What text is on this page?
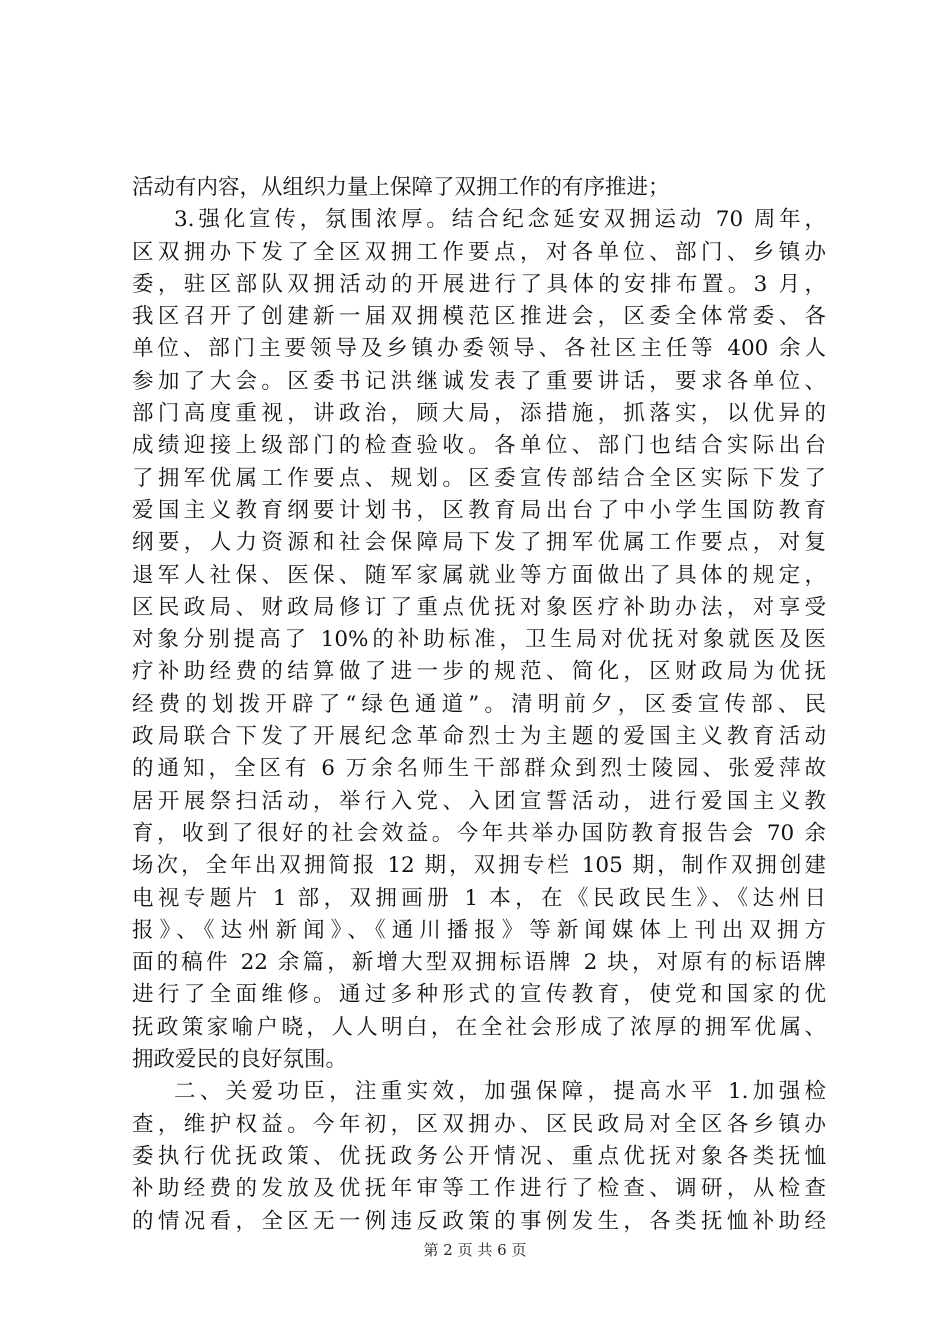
活动有内容，从组织力量上保障了双拥工作的有序推进；
3.强化宣传，氛围浓厚。结合纪念延安双拥运动 70 周年，
区双拥办下发了全区双拥工作要点，对各单位、部门、乡镇办
委，驻区部队双拥活动的开展进行了具体的安排布置。3 月，
我区召开了创建新一届双拥模范区推进会，区委全体常委、各
单位、部门主要领导及乡镇办委领导、各社区主任等 400 余人
参加了大会。区委书记洪继诚发表了重要讲话，要求各单位、
部门高度重视，讲政治，顾大局，添措施，抓落实，以优异的
成绩迎接上级部门的检查验收。各单位、部门也结合实际出台
了拥军优属工作要点、规划。区委宣传部结合全区实际下发了
爱国主义教育纲要计划书，区教育局出台了中小学生国防教育
纲要，人力资源和社会保障局下发了拥军优属工作要点，对复
退军人社保、医保、随军家属就业等方面做出了具体的规定，
区民政局、财政局修订了重点优抚对象医疗补助办法，对享受
对象分别提高了 10%的补助标准，卫生局对优抚对象就医及医
疗补助经费的结算做了进一步的规范、简化，区财政局为优抚
经费的划拨开辟了“绿色通道”。清明前夕，区委宣传部、民
政局联合下发了开展纪念革命烈士为主题的爱国主义教育活动
的通知，全区有 6 万余名师生干部群众到烈士陵园、张爱萍故
居开展祭扫活动，举行入党、入团宣誓活动，进行爱国主义教
育，收到了很好的社会效益。今年共举办国防教育报告会 70 余
场次，全年出双拥简报 12 期，双拥专栏 105 期，制作双拥创建
电视专题片 1 部，双拥画册 1 本，在《民政民生》、《达州日
报》、《达州新闻》、《通川播报》等新闻媒体上刊出双拥方
面的稿件 22 余篇，新增大型双拥标语牌 2 块，对原有的标语牌
进行了全面维修。通过多种形式的宣传教育，使党和国家的优
抚政策家喻户晓，人人明白，在全社会形成了浓厚的拥军优属、
拥政爱民的良好氛围。
二、关爱功臣，注重实效，加强保障，提高水平 1.加强检
查，维护权益。今年初，区双拥办、区民政局对全区各乡镇办
委执行优抚政策、优抚政务公开情况、重点优抚对象各类抚恤
补助经费的发放及优抚年审等工作进行了检查、调研，从检查
的情况看，全区无一例违反政策的事例发生，各类抚恤补助经
第 2 页 共 6 页
